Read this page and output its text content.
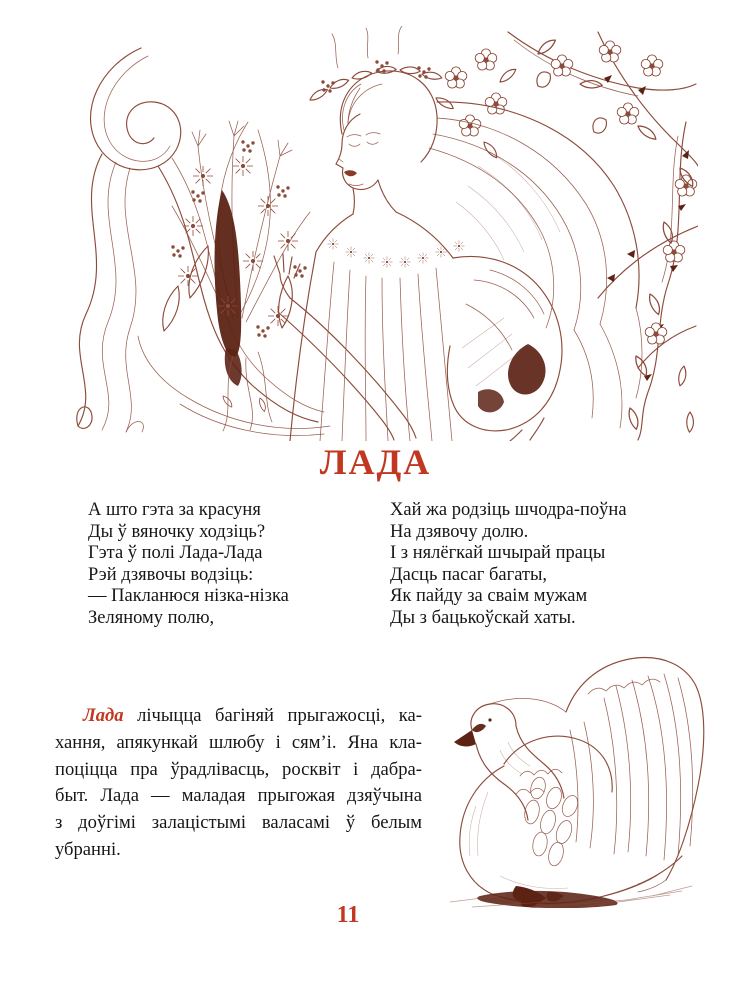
ЛАДА
А што гэта за красуня
Ды ў вяночку ходзіць?
Гэта ў полі Лада-Лада
Рэй дзявочы водзіць:
— Пакланюся нізка-нізка
Зеляному полю,
Хай жа родзіць шчодра-поўна
На дзявочу долю.
І з нялёгкай шчырай працы
Дасць пасаг багаты,
Як пайду за сваім мужам
Ды з бацькоўскай хаты.
Лада лічыцца багіняй прыгажосці, ка-
хання, апякункай шлюбу і сям’і. Яна кла-
поціцца пра ўрадлівасць, росквіт і дабра-
быт. Лада — маладая прыгожая дзяўчына
з доўгімі залацістымі валасамі ў белым
убранні.
11
